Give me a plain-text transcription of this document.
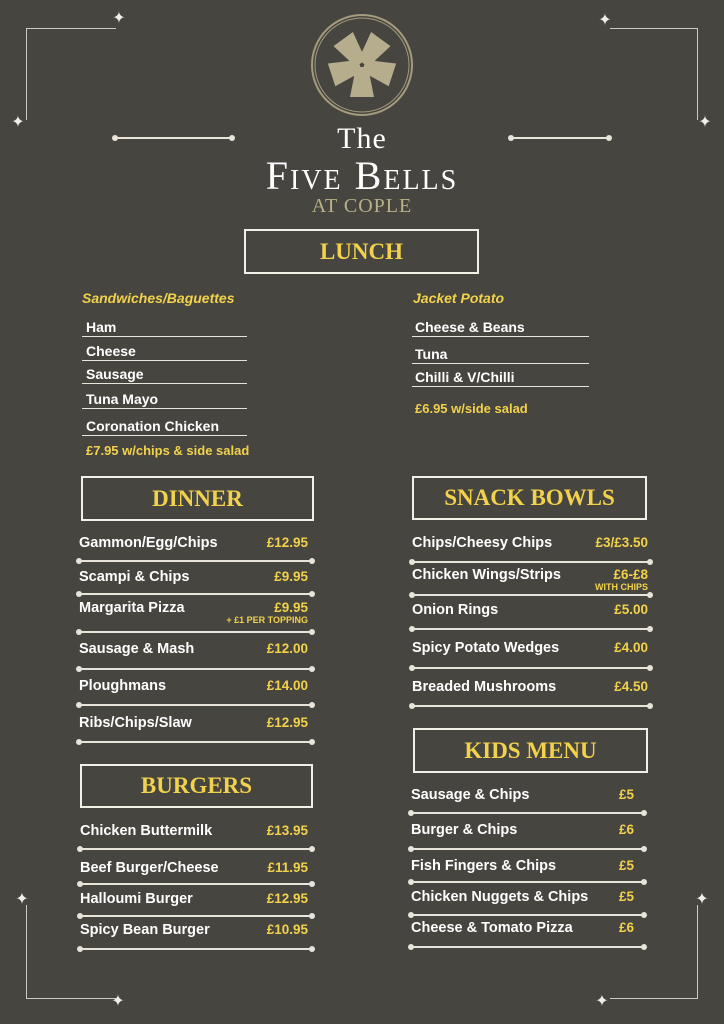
✦
✦
✦
✦
✦
✦	✦
✦
The
Five Bells
AT COPLE
LUNCH
Sandwiches/Baguettes
Ham
Cheese
Sausage
Tuna Mayo
Coronation Chicken
£7.95 w/chips & side salad
Jacket Potato
Cheese & Beans
Tuna
Chilli & V/Chilli
£6.95 w/side salad
DINNER
Gammon/Egg/Chips	£12.95
Scampi & Chips	£9.95
Margarita Pizza	£9.95
+ £1 PER TOPPING
Sausage & Mash	£12.00
Ploughmans	£14.00
Ribs/Chips/Slaw	£12.95
SNACK BOWLS
Chips/Cheesy Chips	£3/£3.50
Chicken Wings/Strips	£6-£8
WITH CHIPS
Onion Rings	£5.00
Spicy Potato Wedges	£4.00
Breaded Mushrooms	£4.50
BURGERS
Chicken Buttermilk	£13.95
Beef Burger/Cheese	£11.95
Halloumi Burger	£12.95
Spicy Bean Burger	£10.95
KIDS MENU
Sausage & Chips	£5
Burger & Chips	£6
Fish Fingers & Chips	£5
Chicken Nuggets & Chips £5
Cheese & Tomato Pizza	£6
